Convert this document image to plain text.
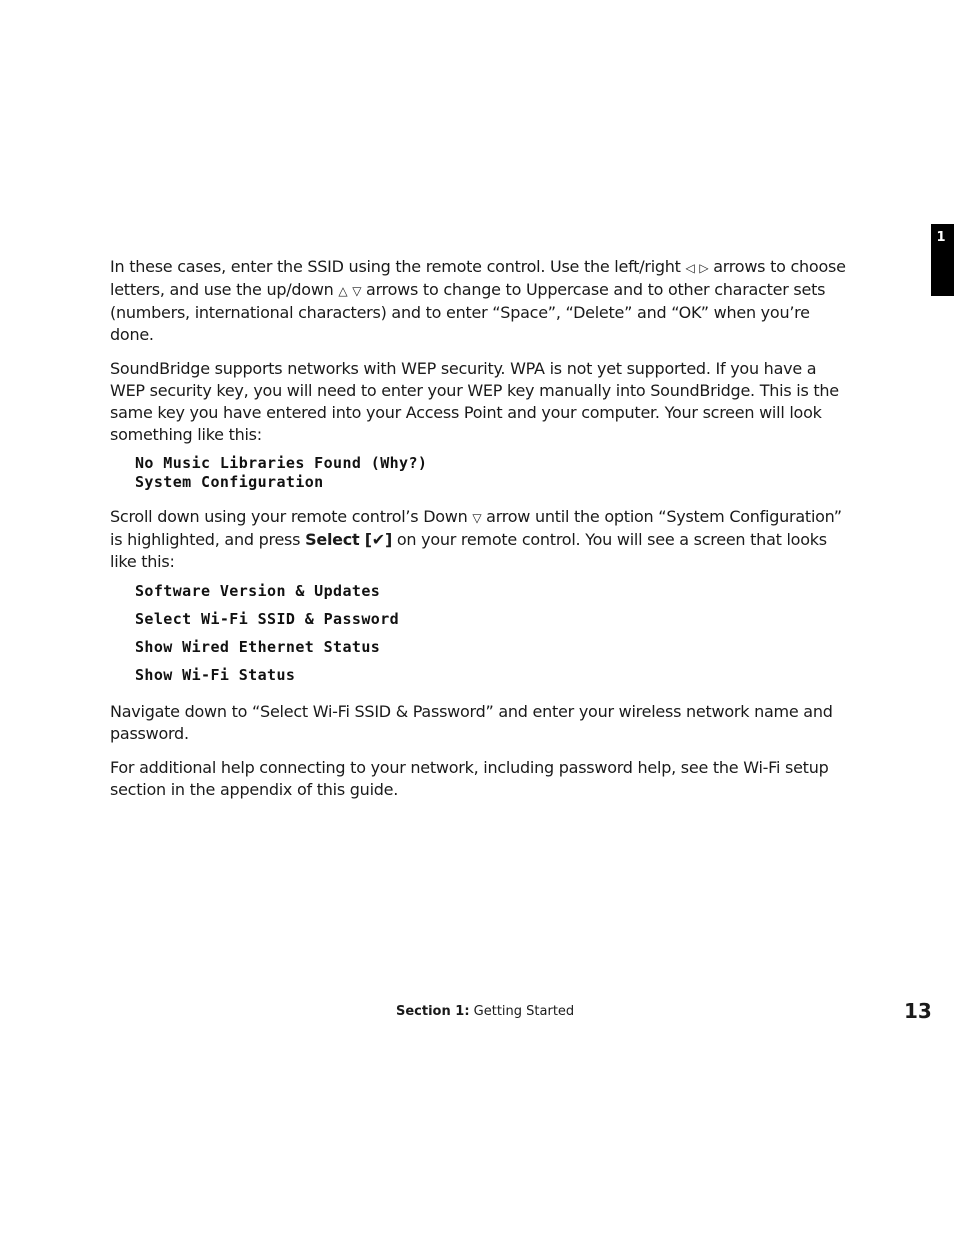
1

In these cases, enter the SSID using the remote control. Use the left/right ◁ ▷ arrows to choose letters, and use the up/down △ ▽ arrows to change to Uppercase and to other character sets (numbers, international characters) and to enter “Space”, “Delete” and “OK” when you’re done.

SoundBridge supports networks with WEP security. WPA is not yet supported. If you have a WEP security key, you will need to enter your WEP key manually into SoundBridge. This is the same key you have entered into your Access Point and your computer. Your screen will look something like this:

No Music Libraries Found (Why?)
System Configuration

Scroll down using your remote control’s Down ▽ arrow until the option “System Configuration” is highlighted, and press Select [✔] on your remote control. You will see a screen that looks like this:

Software Version & Updates
Select Wi-Fi SSID & Password
Show Wired Ethernet Status
Show Wi-Fi Status

Navigate down to “Select Wi-Fi SSID & Password” and enter your wireless network name and password.

For additional help connecting to your network, including password help, see the Wi-Fi setup section in the appendix of this guide.

Section 1: Getting Started	13
